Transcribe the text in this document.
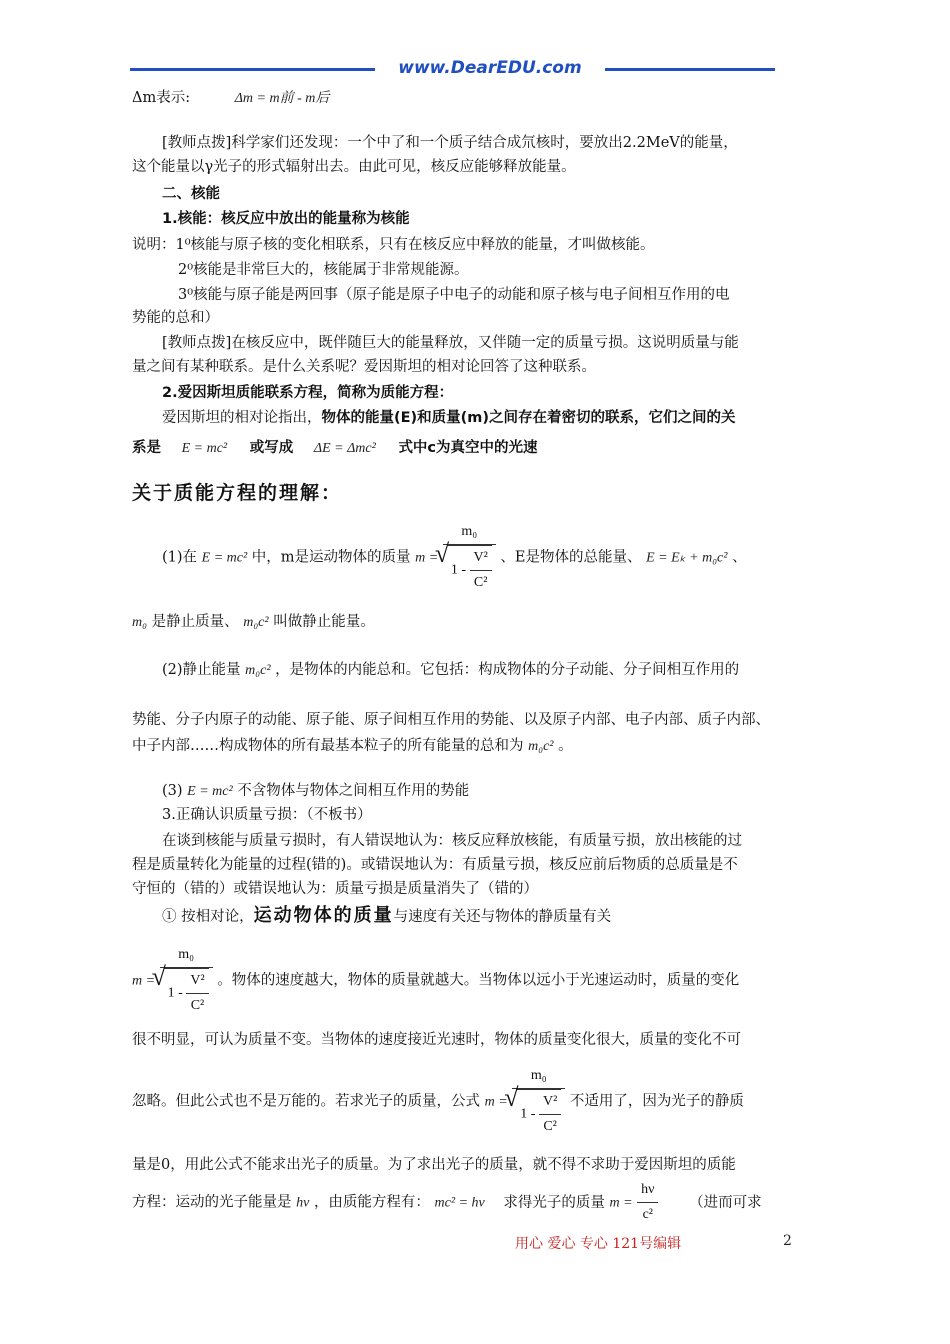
www.DearEDU.com
Δm表示:	Δm = m前 - m后
[教师点拨]科学家们还发现：一个中了和一个质子结合成氘核时，要放出2.2MeV的能量，
这个能量以γ光子的形式辐射出去。由此可见，核反应能够释放能量。
二、核能
1.核能：核反应中放出的能量称为核能
说明：1⁰核能与原子核的变化相联系，只有在核反应中释放的能量，才叫做核能。
2⁰核能是非常巨大的，核能属于非常规能源。
3⁰核能与原子能是两回事（原子能是原子中电子的动能和原子核与电子间相互作用的电
势能的总和）
[教师点拨]在核反应中，既伴随巨大的能量释放，又伴随一定的质量亏损。这说明质量与能
量之间有某种联系。是什么关系呢？爱因斯坦的相对论回答了这种联系。
2.爱因斯坦质能联系方程，简称为质能方程：
爱因斯坦的相对论指出，物体的能量(E)和质量(m)之间存在着密切的联系，它们之间的关
系是 E = mc² 或写成 ΔE = Δmc² 式中c为真空中的光速
关于质能方程的理解：
(1)在 E = mc² 中，m是运动物体的质量 m = m₀
√ $1 - \frac{\text{V²}}{\text{C²}}$ 、E是物体的总能量、 E = Eₖ + m₀c² 、
m₀ 是静止质量、 m₀c² 叫做静止能量。
(2)静止能量 m₀c² ，是物体的内能总和。它包括：构成物体的分子动能、分子间相互作用的
势能、分子内原子的动能、原子能、原子间相互作用的势能、以及原子内部、电子内部、质子内部、
中子内部……构成物体的所有最基本粒子的所有能量的总和为 m₀c² 。
(3) E = mc² 不含物体与物体之间相互作用的势能
3.正确认识质量亏损：（不板书）
在谈到核能与质量亏损时，有人错误地认为：核反应释放核能，有质量亏损，放出核能的过
程是质量转化为能量的过程(错的)。或错误地认为：有质量亏损，核反应前后物质的总质量是不
守恒的（错的）或错误地认为：质量亏损是质量消失了（错的）
① 按相对论，运动物体的质量与速度有关还与物体的静质量有关
m = m₀
√ $1 - \frac{\text{V²}}{\text{C²}}$ 。物体的速度越大，物体的质量就越大。当物体以远小于光速运动时，质量的变化
很不明显，可认为质量不变。当物体的速度接近光速时，物体的质量变化很大，质量的变化不可
忽略。但此公式也不是万能的。若求光子的质量，公式 m = m₀
√ $1 - \frac{\text{V²}}{\text{C²}}$ 不适用了，因为光子的静质
量是0，用此公式不能求出光子的质量。为了求出光子的质量，就不得不求助于爱因斯坦的质能
方程：运动的光子能量是 hν ，由质能方程有： mc² = hν 求得光子的质量 $m = \frac{h\nu}{\text{c²}}$ （进而可求
用心 爱心 专心 121号编辑	2
